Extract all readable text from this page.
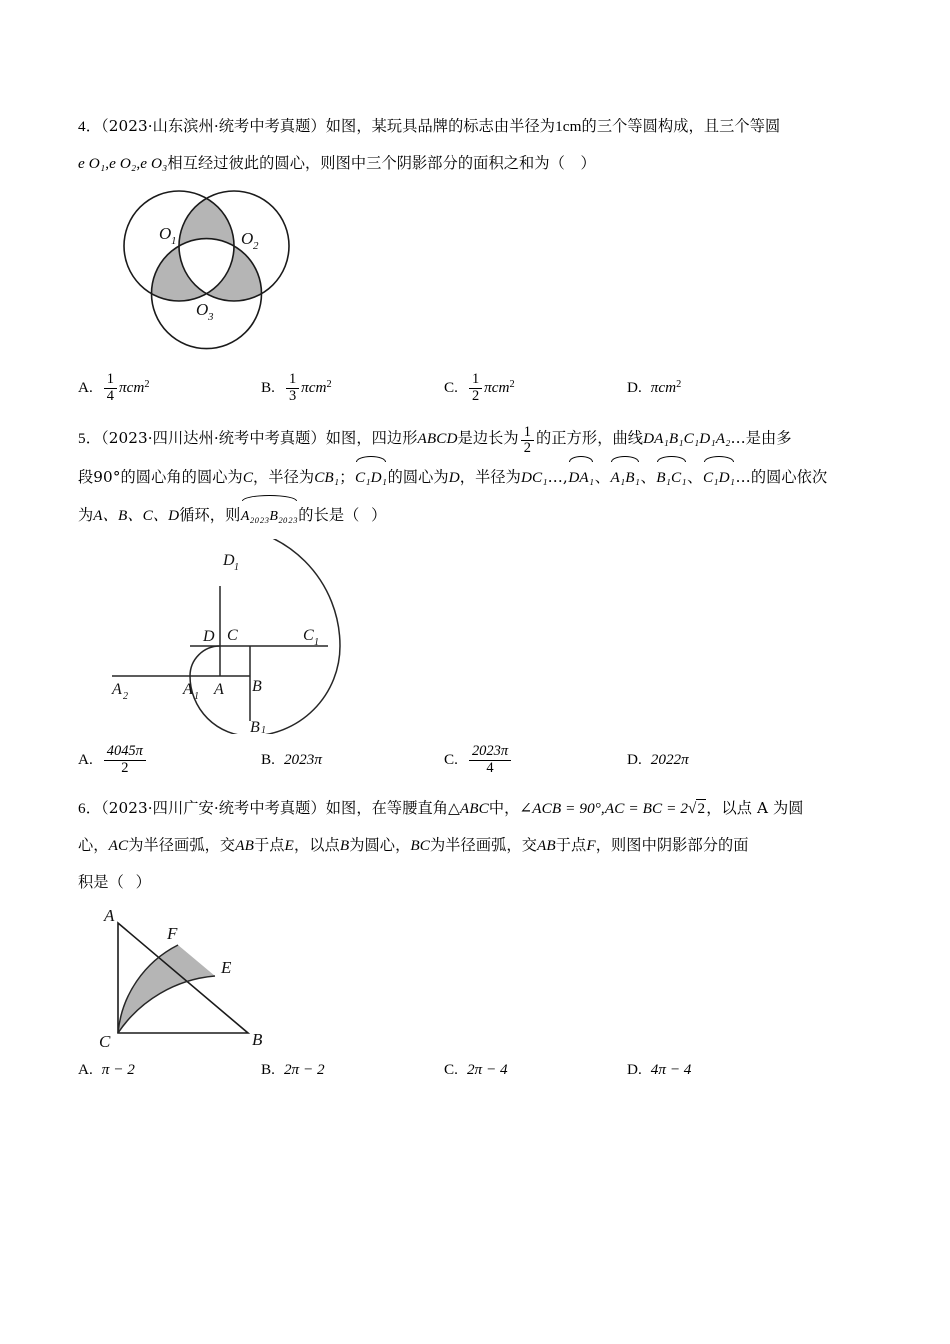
4．（2023·山东滨州·统考中考真题）如图，某玩具品牌的标志由半径为1cm的三个等圆构成，且三个等圆
e O₁,e O₂,e O₃相互经过彼此的圆心，则图中三个阴影部分的面积之和为（ ）
O 1	O 2
O 3
A. $\frac{1}{4} \pi cm^2$	B. $\frac{1}{3} \pi cm^2$	C. $\frac{1}{2} \pi cm^2$	D. πcm$^2$
5．（2023·四川达州·统考中考真题）如图，四边形ABCD是边长为 $\frac{1}{2}$ 的正方形，曲线DA₁B₁C₁D₁A₂…是由多
段90°的圆心角的圆心为C，半径为CB₁；C₁D₁的圆心为D，半径为DC₁…,DA₁、A₁B₁、B₁C₁、C₁D₁…的圆心依次
为A、B、C、D循环，则A₂₀₂₃B₂₀₂₃的长是（ ）
D 1
D C	C 1
A 2	A 1 A B
B 1
A. $\frac{4045\pi}{2}$	B. 2023π	C. $\frac{2023\pi}{4}$	D. 2022π
6．（2023·四川广安·统考中考真题）如图，在等腰直角△ABC中，∠ACB = 90°,AC = BC = 2√2，以点 A 为圆
心，AC为半径画弧，交AB于点E，以点B为圆心，BC为半径画弧，交AB于点F，则图中阴影部分的面
积是（ ）
A
F
E
C	B
A. π − 2	B. 2π − 2	C. 2π − 4	D. 4π − 4
